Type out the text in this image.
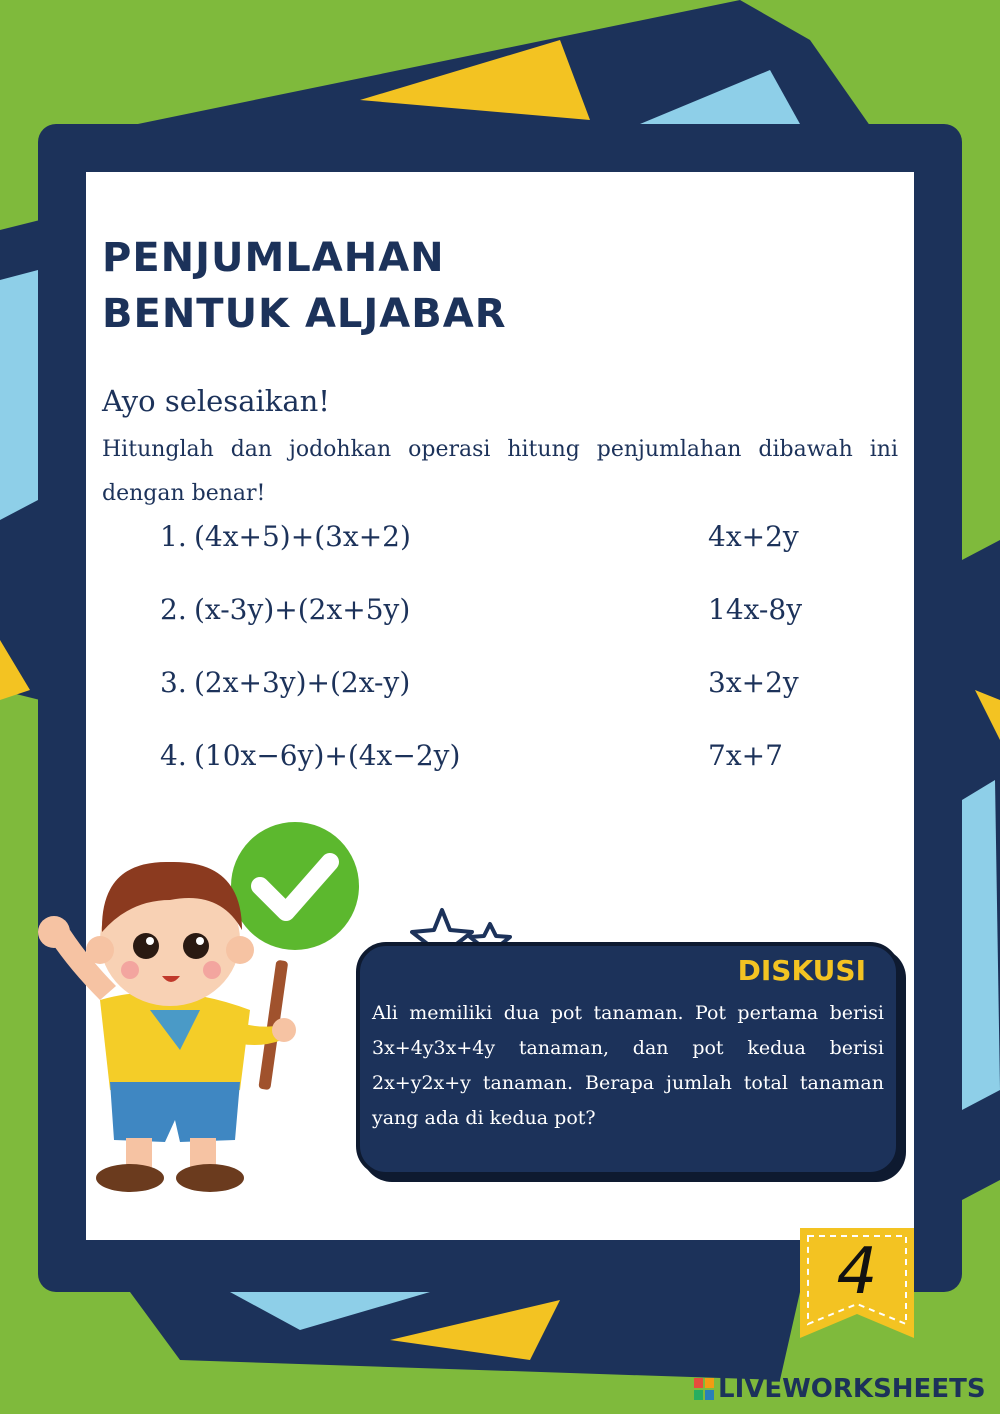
PENJUMLAHAN
BENTUK ALJABAR
Ayo selesaikan!
Hitunglah dan jodohkan operasi hitung penjumlahan dibawah ini dengan benar!
1. (4x+5)+(3x+2)	4x+2y
2. (x-3y)+(2x+5y)	14x-8y
3. (2x+3y)+(2x-y)	3x+2y
4. (10x−6y)+(4x−2y)	7x+7
DISKUSI

Ali memiliki dua pot tanaman. Pot pertama berisi 3x+4y3x+4y tanaman, dan pot kedua berisi 2x+y2x+y tanaman. Berapa jumlah total tanaman yang ada di kedua pot?

4
LIVEWORKSHEETS
